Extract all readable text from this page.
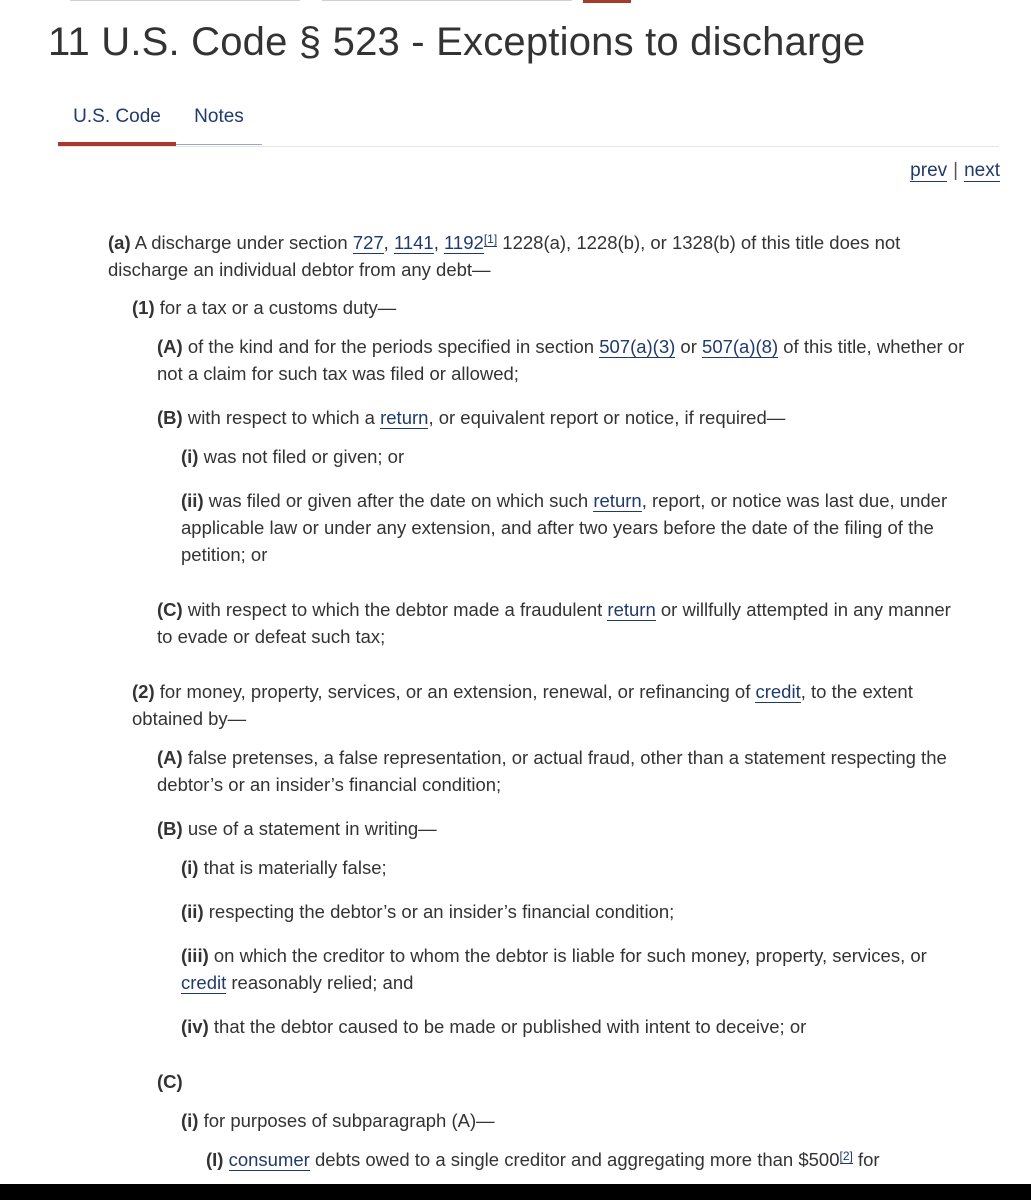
11 U.S. Code § 523 - Exceptions to discharge
U.S. Code	Notes
prev | next

(a) A discharge under section 727, 1141, 1192[1] 1228(a), 1228(b), or 1328(b) of this title does not discharge an individual debtor from any debt—

(1) for a tax or a customs duty—

(A) of the kind and for the periods specified in section 507(a)(3) or 507(a)(8) of this title, whether or not a claim for such tax was filed or allowed;

(B) with respect to which a return, or equivalent report or notice, if required—

(i) was not filed or given; or

(ii) was filed or given after the date on which such return, report, or notice was last due, under applicable law or under any extension, and after two years before the date of the filing of the petition; or

(C) with respect to which the debtor made a fraudulent return or willfully attempted in any manner to evade or defeat such tax;

(2) for money, property, services, or an extension, renewal, or refinancing of credit, to the extent obtained by—

(A) false pretenses, a false representation, or actual fraud, other than a statement respecting the debtor’s or an insider’s financial condition;

(B) use of a statement in writing—

(i) that is materially false;

(ii) respecting the debtor’s or an insider’s financial condition;

(iii) on which the creditor to whom the debtor is liable for such money, property, services, or credit reasonably relied; and

(iv) that the debtor caused to be made or published with intent to deceive; or

(C)

(i) for purposes of subparagraph (A)—

(I) consumer debts owed to a single creditor and aggregating more than $500[2] for
